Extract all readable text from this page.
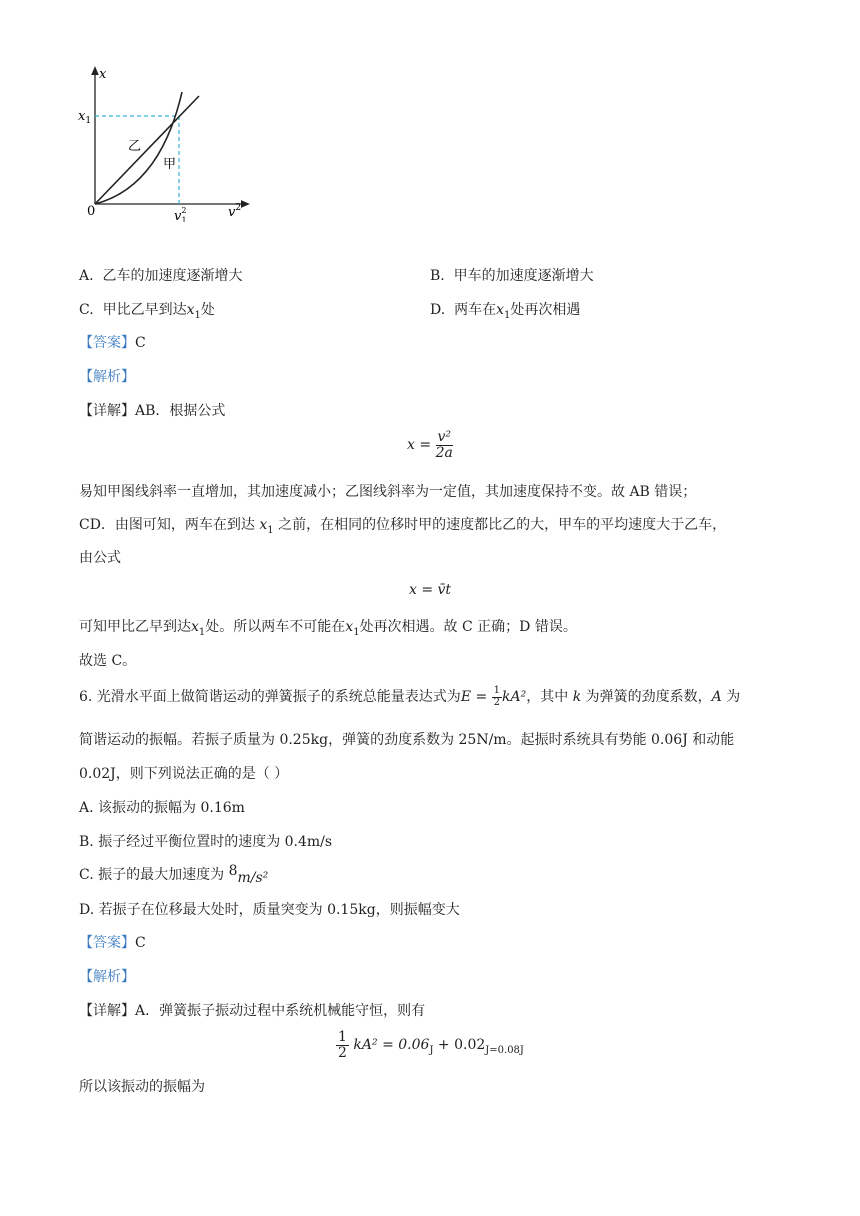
x
0
$x_1$
$v^2$ 1
$v^2$
乙
甲
A. 乙车的加速度逐渐增大	B. 甲车的加速度逐渐增大
C. 甲比乙早到达$x_1$处	D. 两车在$x_1$处再次相遇
【答案】C
【解析】
【详解】AB．根据公式
$x = \frac{\text{v²}}{2a}$
易知甲图线斜率一直增加，其加速度减小；乙图线斜率为一定值，其加速度保持不变。故 AB 错误；
CD．由图可知，两车在到达 $x_1$ 之前，在相同的位移时甲的速度都比乙的大，甲车的平均速度大于乙车，
由公式
x = v̄t
可知甲比乙早到达$x_1$处。所以两车不可能在$x_1$处再次相遇。故 C 正确；D 错误。
故选 C。
6. 光滑水平面上做简谐运动的弹簧振子的系统总能量表达式为$E = \frac{1}{2} kA^2$，其中 k 为弹簧的劲度系数，A 为
简谐运动的振幅。若振子质量为 0.25kg，弹簧的劲度系数为 25N/m。起振时系统具有势能 0.06J 和动能
0.02J，则下列说法正确的是（ ）
A. 该振动的振幅为 0.16m
B. 振子经过平衡位置时的速度为 0.4m/s
C. 振子的最大加速度为 8m/s²
D. 若振子在位移最大处时，质量突变为 0.15kg，则振幅变大
【答案】C
【解析】
【详解】A．弹簧振子振动过程中系统机械能守恒，则有
$\frac{1}{2} kA^2 = 0.06_J + 0.02_{J=0.08J}$
所以该振动的振幅为
